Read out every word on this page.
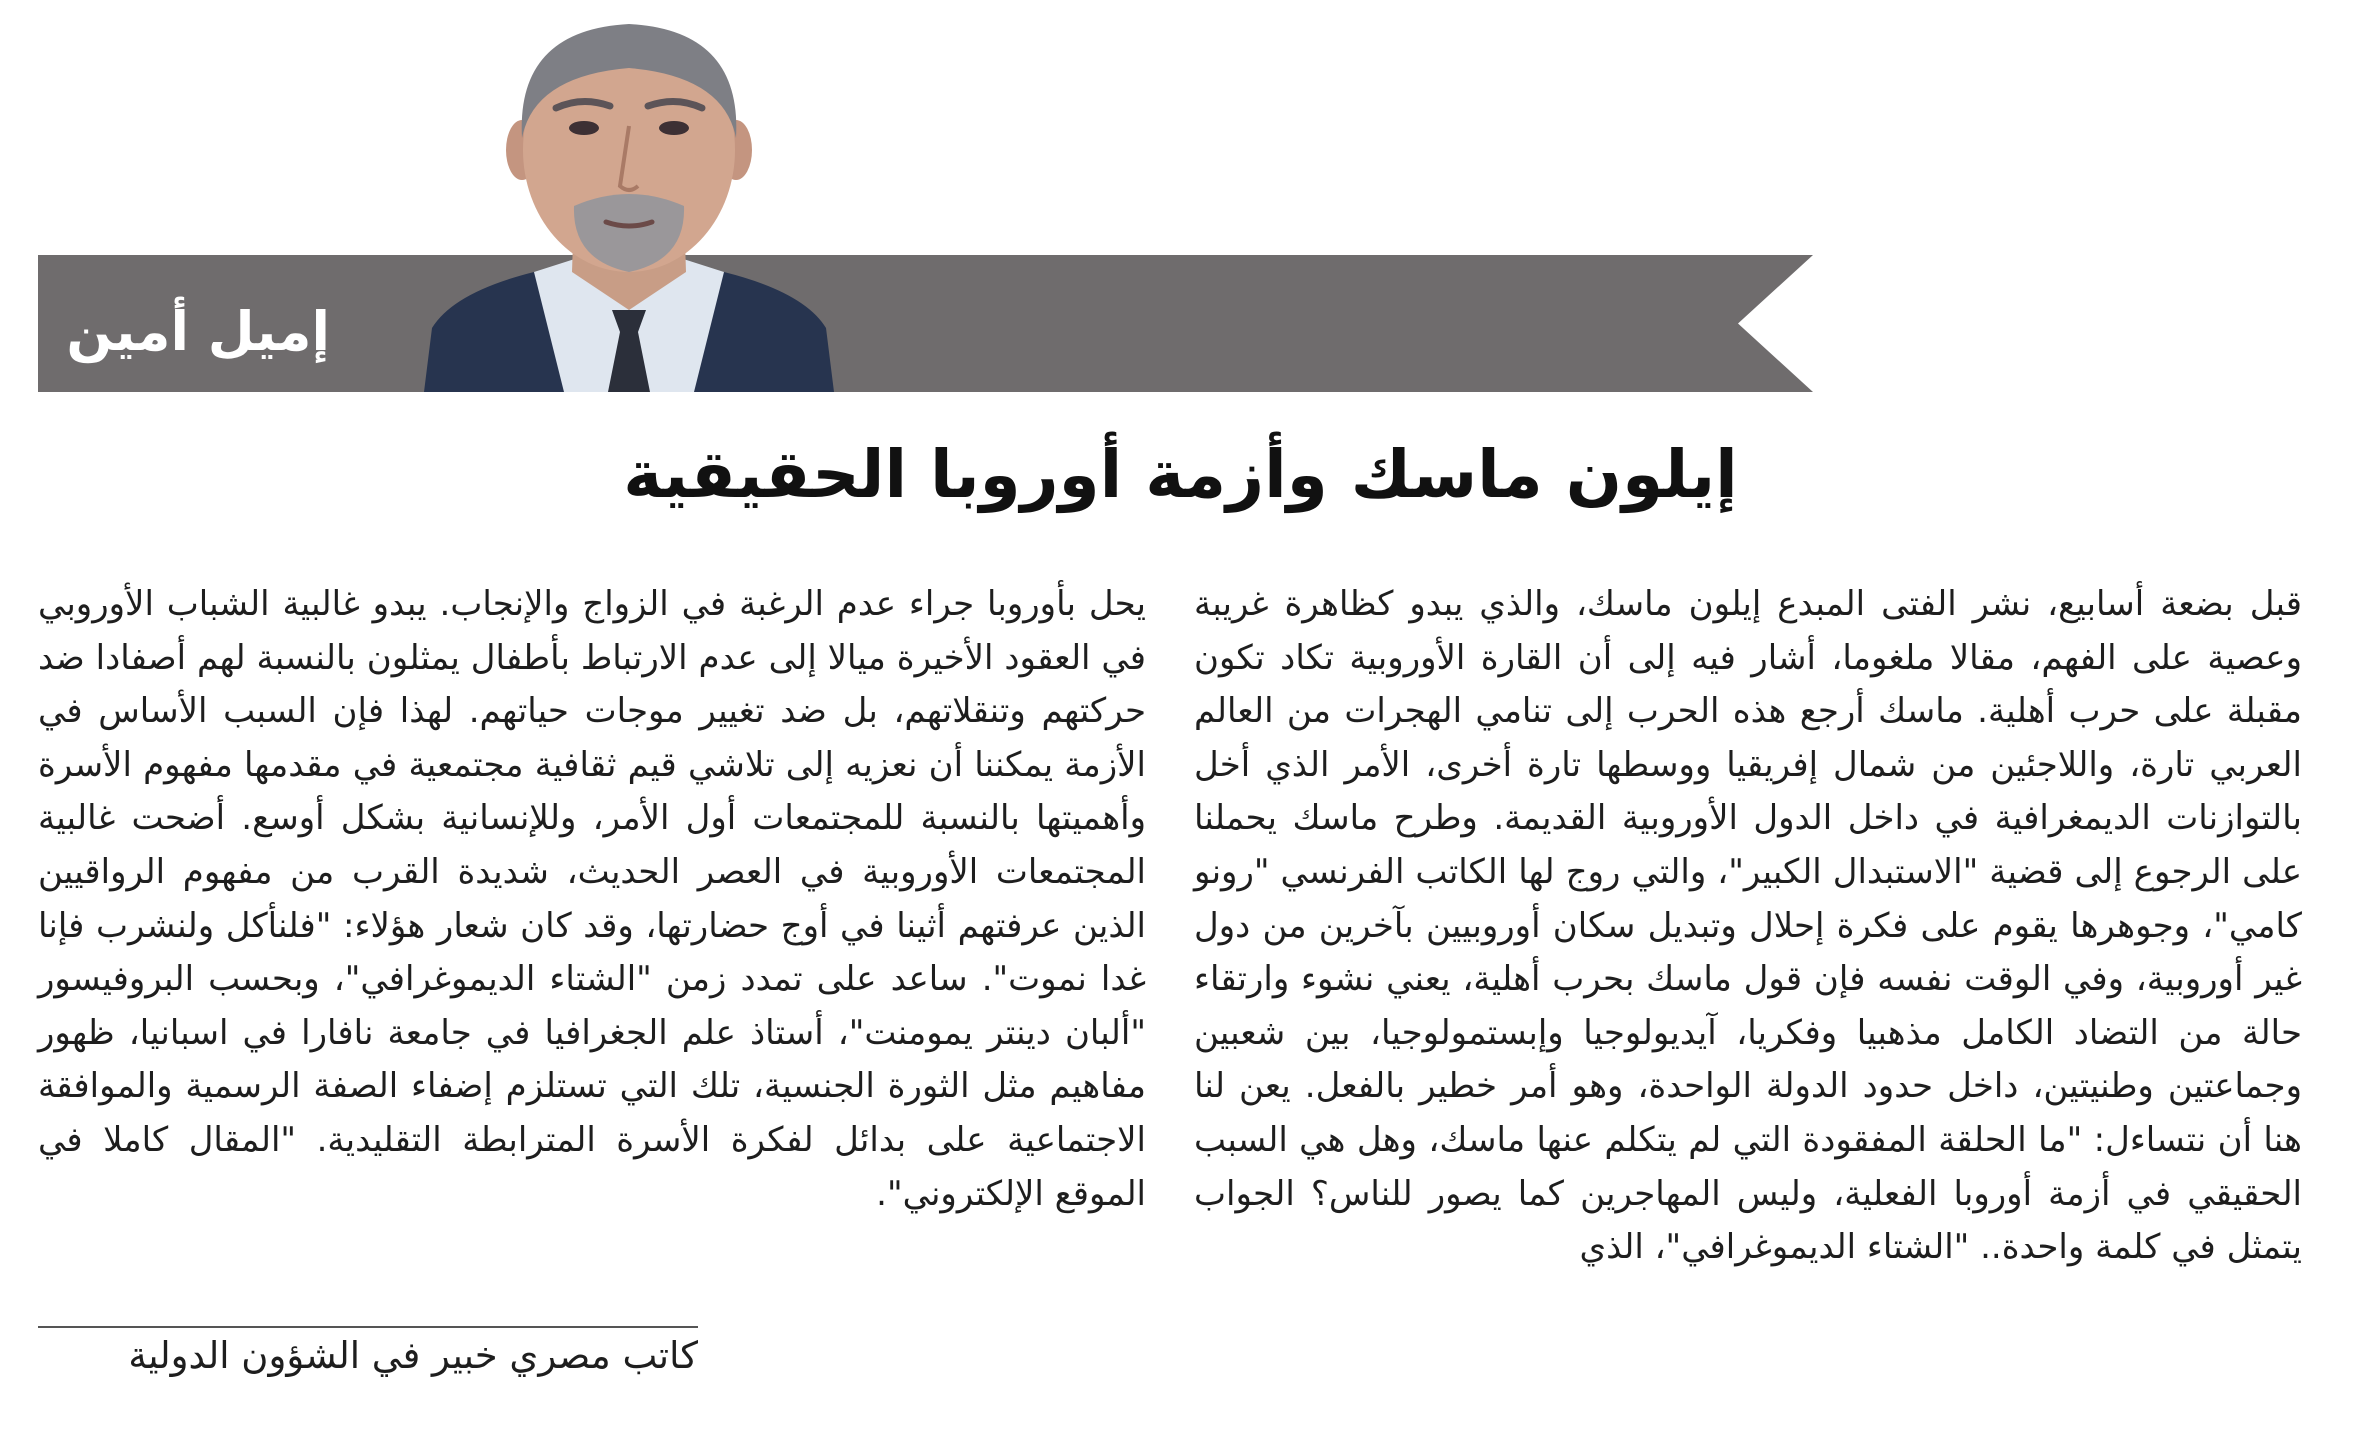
إميل أمين
إيلون ماسك وأزمة أوروبا الحقيقية

قبل بضعة أسابيع، نشر الفتى المبدع إيلون ماسك، والذي يبدو كظاهرة غريبة وعصية على الفهم، مقالا ملغوما، أشار فيه إلى أن القارة الأوروبية تكاد تكون مقبلة على حرب أهلية. ماسك أرجع هذه الحرب إلى تنامي الهجرات من العالم العربي تارة، واللاجئين من شمال إفريقيا ووسطها تارة أخرى، الأمر الذي أخل بالتوازنات الديمغرافية في داخل الدول الأوروبية القديمة. وطرح ماسك يحملنا على الرجوع إلى قضية "الاستبدال الكبير"، والتي روج لها الكاتب الفرنسي "رونو كامي"، وجوهرها يقوم على فكرة إحلال وتبديل سكان أوروبيين بآخرين من دول غير أوروبية، وفي الوقت نفسه فإن قول ماسك بحرب أهلية، يعني نشوء وارتقاء حالة من التضاد الكامل مذهبيا وفكريا، آيديولوجيا وإبستمولوجيا، بين شعبين وجماعتين وطنيتين، داخل حدود الدولة الواحدة، وهو أمر خطير بالفعل. يعن لنا هنا أن نتساءل: "ما الحلقة المفقودة التي لم يتكلم عنها ماسك، وهل هي السبب الحقيقي في أزمة أوروبا الفعلية، وليس المهاجرين كما يصور للناس؟ الجواب يتمثل في كلمة واحدة.. "الشتاء الديموغرافي"، الذي

يحل بأوروبا جراء عدم الرغبة في الزواج والإنجاب. يبدو غالبية الشباب الأوروبي في العقود الأخيرة ميالا إلى عدم الارتباط بأطفال يمثلون بالنسبة لهم أصفادا ضد حركتهم وتنقلاتهم، بل ضد تغيير موجات حياتهم. لهذا فإن السبب الأساس في الأزمة يمكننا أن نعزيه إلى تلاشي قيم ثقافية مجتمعية في مقدمها مفهوم الأسرة وأهميتها بالنسبة للمجتمعات أول الأمر، وللإنسانية بشكل أوسع. أضحت غالبية المجتمعات الأوروبية في العصر الحديث، شديدة القرب من مفهوم الرواقيين الذين عرفتهم أثينا في أوج حضارتها، وقد كان شعار هؤلاء: "فلنأكل ولنشرب فإنا غدا نموت". ساعد على تمدد زمن "الشتاء الديموغرافي"، وبحسب البروفيسور "ألبان دينتر يمومنت"، أستاذ علم الجغرافيا في جامعة نافارا في اسبانيا، ظهور مفاهيم مثل الثورة الجنسية، تلك التي تستلزم إضفاء الصفة الرسمية والموافقة الاجتماعية على بدائل لفكرة الأسرة المترابطة التقليدية. "المقال كاملا في الموقع الإلكتروني".

كاتب مصري خبير في الشؤون الدولية
